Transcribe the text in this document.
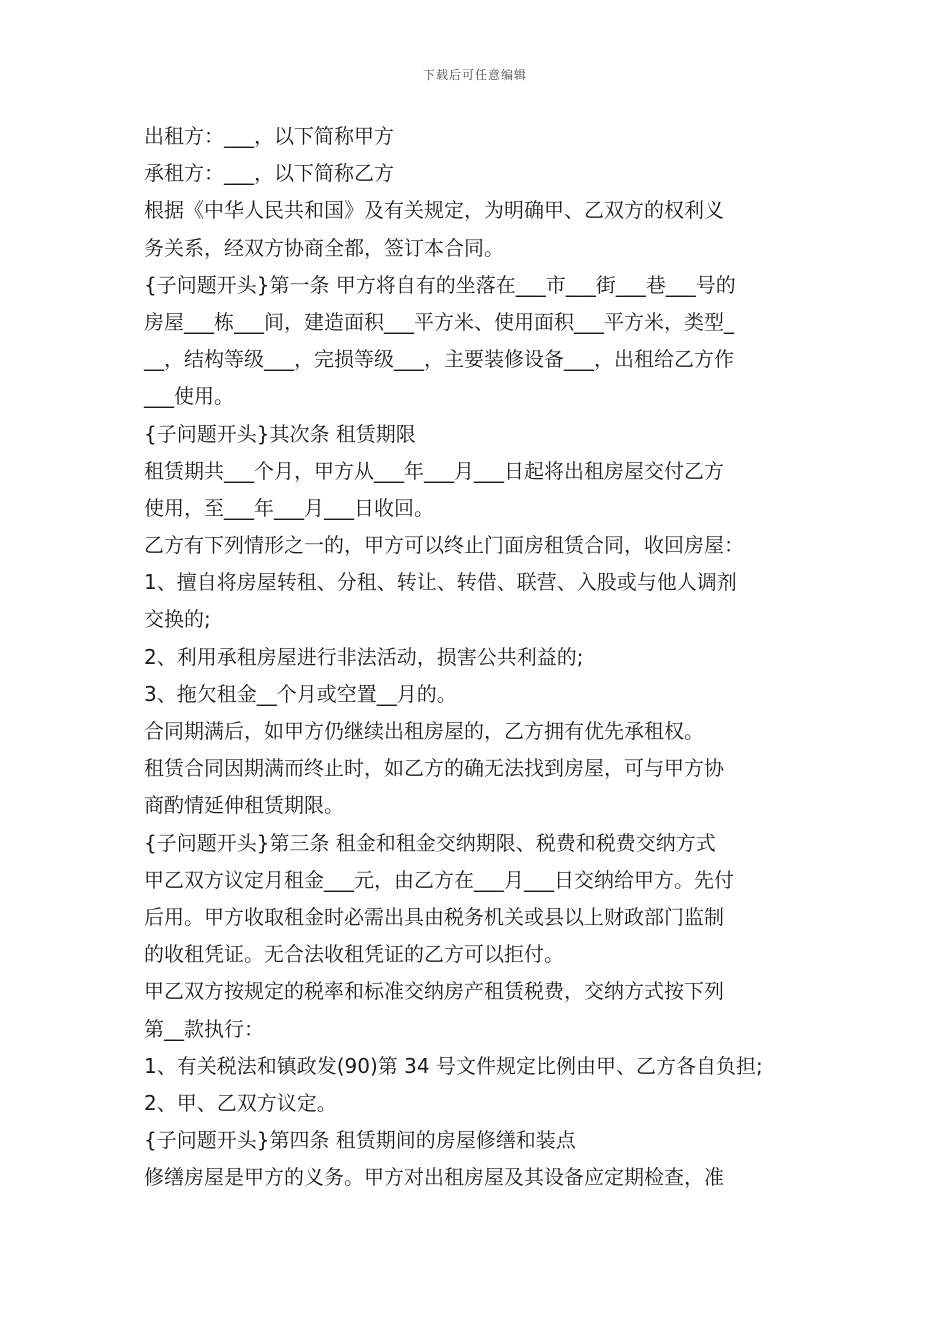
下载后可任意编辑
出租方：___，以下简称甲方
承租方：___，以下简称乙方
根据《中华人民共和国》及有关规定，为明确甲、乙双方的权利义
务关系，经双方协商全都，签订本合同。
{子问题开头}第一条 甲方将自有的坐落在___市___街___巷___号的
房屋___栋___间，建造面积___平方米、使用面积___平方米，类型_
__，结构等级___，完损等级___，主要装修设备___，出租给乙方作
___使用。
{子问题开头}其次条 租赁期限
租赁期共___个月，甲方从___年___月___日起将出租房屋交付乙方
使用，至___年___月___日收回。
乙方有下列情形之一的，甲方可以终止门面房租赁合同，收回房屋：
1、擅自将房屋转租、分租、转让、转借、联营、入股或与他人调剂
交换的;
2、利用承租房屋进行非法活动，损害公共利益的;
3、拖欠租金__个月或空置__月的。
合同期满后，如甲方仍继续出租房屋的，乙方拥有优先承租权。
租赁合同因期满而终止时，如乙方的确无法找到房屋，可与甲方协
商酌情延伸租赁期限。
{子问题开头}第三条 租金和租金交纳期限、税费和税费交纳方式
甲乙双方议定月租金___元，由乙方在___月___日交纳给甲方。先付
后用。甲方收取租金时必需出具由税务机关或县以上财政部门监制
的收租凭证。无合法收租凭证的乙方可以拒付。
甲乙双方按规定的税率和标准交纳房产租赁税费，交纳方式按下列
第__款执行：
1、有关税法和镇政发(90)第 34 号文件规定比例由甲、乙方各自负担;
2、甲、乙双方议定。
{子问题开头}第四条 租赁期间的房屋修缮和装点
修缮房屋是甲方的义务。甲方对出租房屋及其设备应定期检查，准
